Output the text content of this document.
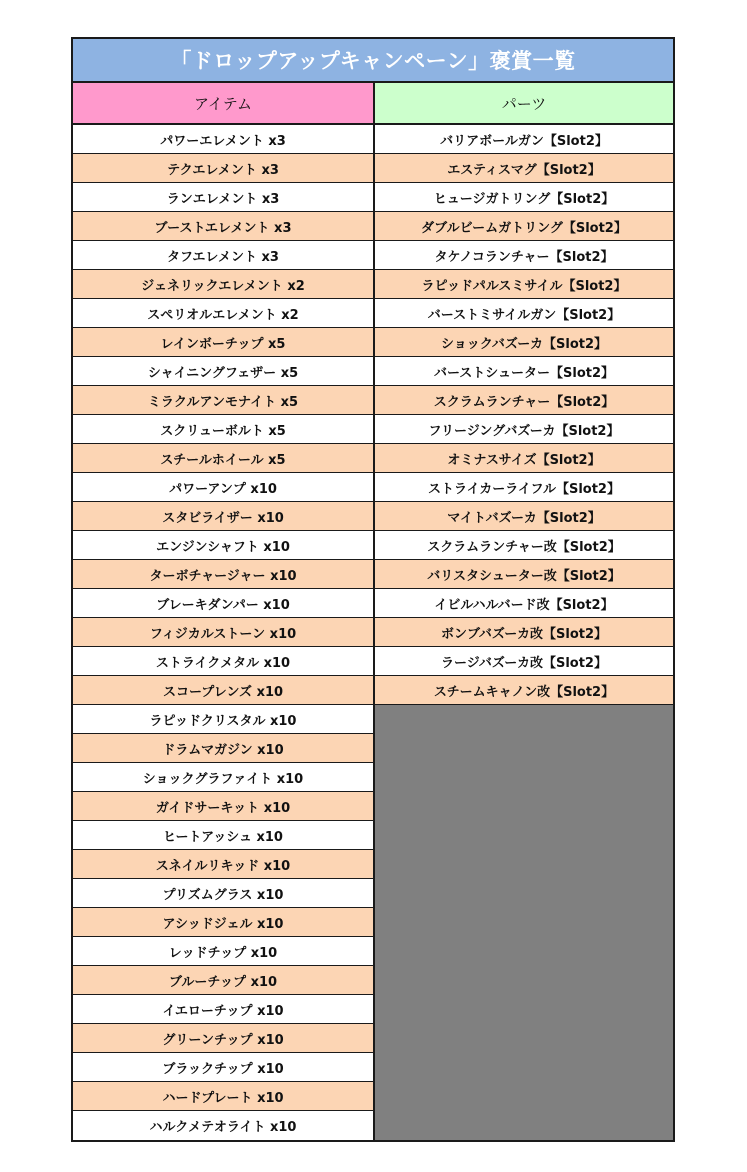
「ドロップアップキャンペーン」褒賞一覧
アイテム	パーツ
パワーエレメント x3
テクエレメント x3
ランエレメント x3
ブーストエレメント x3
タフエレメント x3
ジェネリックエレメント x2
スペリオルエレメント x2
レインボーチップ x5
シャイニングフェザー x5
ミラクルアンモナイト x5
スクリューボルト x5
スチールホイール x5
パワーアンプ x10
スタビライザー x10
エンジンシャフト x10
ターボチャージャー x10
ブレーキダンパー x10
フィジカルストーン x10
ストライクメタル x10
スコープレンズ x10
ラピッドクリスタル x10
ドラムマガジン x10
ショックグラファイト x10
ガイドサーキット x10
ヒートアッシュ x10
スネイルリキッド x10
プリズムグラス x10
アシッドジェル x10
レッドチップ x10
ブルーチップ x10
イエローチップ x10
グリーンチップ x10
ブラックチップ x10
ハードプレート x10
ハルクメテオライト x10
バリアボールガン【Slot2】
エスティスマグ【Slot2】
ヒュージガトリング【Slot2】
ダブルビームガトリング【Slot2】
タケノコランチャー【Slot2】
ラピッドパルスミサイル【Slot2】
バーストミサイルガン【Slot2】
ショックバズーカ【Slot2】
バーストシューター【Slot2】
スクラムランチャー【Slot2】
フリージングバズーカ【Slot2】
オミナスサイズ【Slot2】
ストライカーライフル【Slot2】
マイトバズーカ【Slot2】
スクラムランチャー改【Slot2】
バリスタシューター改【Slot2】
イビルハルバード改【Slot2】
ボンブバズーカ改【Slot2】
ラージバズーカ改【Slot2】
スチームキャノン改【Slot2】
